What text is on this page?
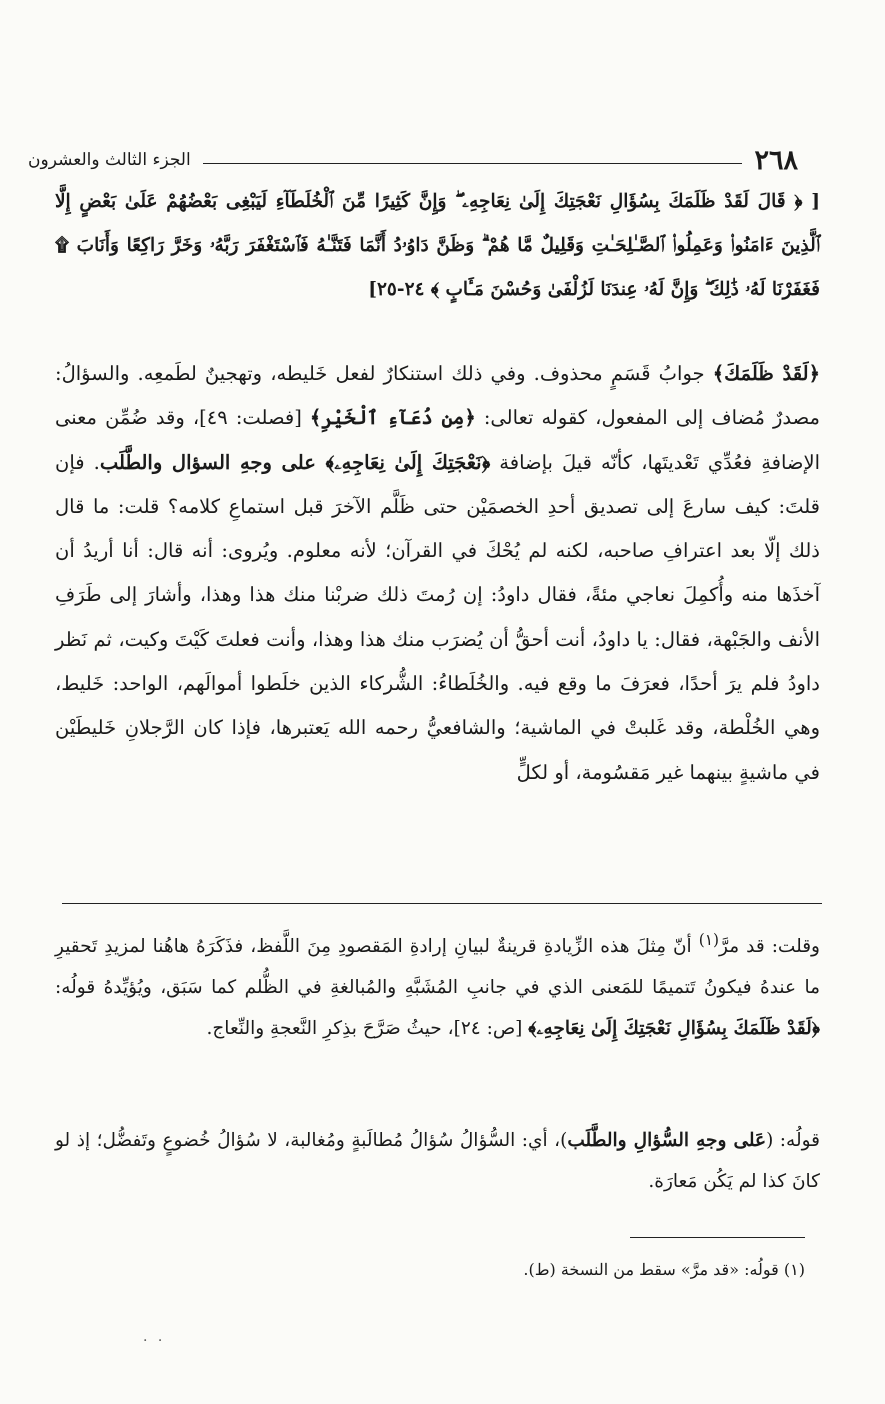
٢٦٨
الجزء الثالث والعشرون
[ ﴿ قَالَ لَقَدْ ظَلَمَكَ بِسُؤَالِ نَعْجَتِكَ إِلَىٰ نِعَاجِهِۦ ۖ وَإِنَّ كَثِيرًا مِّنَ ٱلْخُلَطَآءِ لَيَبْغِى بَعْضُهُمْ عَلَىٰ بَعْضٍ إِلَّا ٱلَّذِينَ ءَامَنُوا۟ وَعَمِلُوا۟ ٱلصَّـٰلِحَـٰتِ وَقَلِيلٌ مَّا هُمْ ۗ وَظَنَّ دَاوُۥدُ أَنَّمَا فَتَنَّـٰهُ فَٱسْتَغْفَرَ رَبَّهُۥ وَخَرَّ رَاكِعًا وَأَنَابَ ۩ فَغَفَرْنَا لَهُۥ ذَٰلِكَ ۖ وَإِنَّ لَهُۥ عِندَنَا لَزُلْفَىٰ وَحُسْنَ مَـَٔابٍ ﴾ ٢٤-٢٥]
﴿لَقَدْ ظَلَمَكَ﴾ جوابُ قَسَمٍ محذوف. وفي ذلك استنكارٌ لفعل خَليطه، وتهجينٌ لطَمعِه. والسؤالُ: مصدرٌ مُضاف إلى المفعول، كقوله تعالى: ﴿مِن دُعَآءِ ٱلْخَيْرِ﴾ [فصلت: ٤٩]، وقد ضُمِّن معنى الإضافةِ فعُدِّي تَعْديتَها، كأنّه قيلَ بإضافة ﴿نَعْجَتِكَ إِلَىٰ نِعَاجِهِۦ﴾ على وجهِ السؤال والطَّلَب. فإن قلتَ: كيف سارعَ إلى تصديق أحدِ الخصمَيْن حتى ظَلَّم الآخرَ قبل استماعِ كلامه؟ قلت: ما قال ذلك إلّا بعد اعترافِ صاحبه، لكنه لم يُحْكَ في القرآن؛ لأنه معلوم. ويُروى: أنه قال: أنا أريدُ أن آخذَها منه وأُكمِلَ نعاجي مئةً، فقال داودُ: إن رُمتَ ذلك ضربْنا منك هذا وهذا، وأشارَ إلى طَرَفِ الأنف والجَبْهة، فقال: يا داودُ، أنت أحقُّ أن يُضرَب منك هذا وهذا، وأنت فعلتَ كَيْتَ وكيت، ثم نَظر داودُ فلم يرَ أحدًا، فعرَفَ ما وقع فيه. والخُلَطاءُ: الشُّركاء الذين خلَطوا أموالَهم، الواحد: خَليط، وهي الخُلْطة، وقد غَلبتْ في الماشية؛ والشافعيُّ رحمه الله يَعتبرها، فإذا كان الرَّجلانِ خَليطَيْن في ماشيةٍ بينهما غير مَقسُومة، أو لكلٍّ
وقلت: قد مرَّ$^{(١)}$ أنّ مِثلَ هذه الزِّيادةِ قرينةٌ لبيانِ إرادةِ المَقصودِ مِنَ اللَّفظ، فذَكَرَهُ هاهُنا لمزيدِ تَحقيرِ ما عندهُ فيكونُ تَتميمًا للمَعنى الذي في جانبِ المُشَبَّهِ والمُبالغةِ في الظُّلم كما سَبَق، ويُؤيِّدهُ قولُه: ﴿لَقَدْ ظَلَمَكَ بِسُؤَالِ نَعْجَتِكَ إِلَىٰ نِعَاجِهِۦ﴾ [ص: ٢٤]، حيثُ صَرَّحَ بذِكرِ النَّعجةِ والنِّعاج.
قولُه: (عَلى وجهِ السُّؤالِ والطَّلَب)، أي: السُّؤالُ سُؤالُ مُطالَبةٍ ومُغالبة، لا سُؤالُ خُضوعٍ وتَفضُّل؛ إذ لو كانَ كذا لم يَكُن مَعارَة.
(١) قولُه: «قد مرَّ» سقط من النسخة (ط).
· ·
